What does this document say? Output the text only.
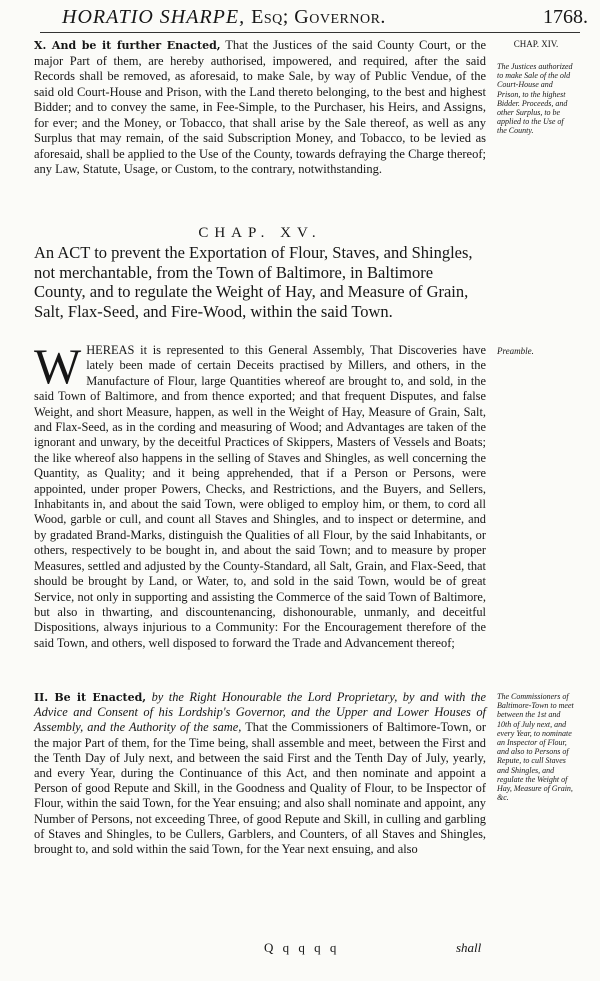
HORATIO SHARPE, Esq; Governor.	1768.
X. And be it further Enacted, That the Justices of the said County Court, or the major Part of them, are hereby authorised, impowered, and required, after the said Records shall be removed, as aforesaid, to make Sale, by way of Public Vendue, of the said old Court-House and Prison, with the Land thereto belonging, to the best and highest Bidder; and to convey the same, in Fee-Simple, to the Purchaser, his Heirs, and Assigns, for ever; and the Money, or Tobacco, that shall arise by the Sale thereof, as well as any Surplus that may remain, of the said Subscription Money, and Tobacco, to be levied as aforesaid, shall be applied to the Use of the County, towards defraying the Charge thereof; any Law, Statute, Usage, or Custom, to the contrary, notwithstanding.
CHAP. XIV.
The Justices authorized to make Sale of the old Court-House and Prison, to the highest Bidder. Proceeds, and other Surplus, to be applied to the Use of the County.
CHAP. XV.
An ACT to prevent the Exportation of Flour, Staves, and Shingles, not merchantable, from the Town of Baltimore, in Baltimore County, and to regulate the Weight of Hay, and Measure of Grain, Salt, Flax-Seed, and Fire-Wood, within the said Town.
W HEREAS it is represented to this General Assembly, That Discoveries have lately been made of certain Deceits practised by Millers, and others, in the Manufacture of Flour, large Quantities whereof are brought to, and sold, in the said Town of Baltimore, and from thence exported; and that frequent Disputes, and false Weight, and short Measure, happen, as well in the Weight of Hay, Measure of Grain, Salt, and Flax-Seed, as in the cording and measuring of Wood; and Advantages are taken of the ignorant and unwary, by the deceitful Practices of Skippers, Masters of Vessels and Boats; the like whereof also happens in the selling of Staves and Shingles, as well concerning the Quantity, as Quality; and it being apprehended, that if a Person or Persons, were appointed, under proper Powers, Checks, and Restrictions, and the Buyers, and Sellers, Inhabitants in, and about the said Town, were obliged to employ him, or them, to cord all Wood, garble or cull, and count all Staves and Shingles, and to inspect or determine, and by gradated Brand-Marks, distinguish the Qualities of all Flour, by the said Inhabitants, or others, respectively to be bought in, and about the said Town; and to measure by proper Measures, settled and adjusted by the County-Standard, all Salt, Grain, and Flax-Seed, that should be brought by Land, or Water, to, and sold in the said Town, would be of great Service, not only in supporting and assisting the Commerce of the said Town of Baltimore, but also in thwarting, and discountenancing, dishonourable, unmanly, and deceitful Dispositions, always injurious to a Community: For the Encouragement therefore of the said Town, and others, well disposed to forward the Trade and Advancement thereof;
Preamble.
II. Be it Enacted, by the Right Honourable the Lord Proprietary, by and with the Advice and Consent of his Lordship's Governor, and the Upper and Lower Houses of Assembly, and the Authority of the same, That the Commissioners of Baltimore-Town, or the major Part of them, for the Time being, shall assemble and meet, between the First and the Tenth Day of July next, and between the said First and the Tenth Day of July, yearly, and every Year, during the Continuance of this Act, and then nominate and appoint a Person of good Repute and Skill, in the Goodness and Quality of Flour, to be Inspector of Flour, within the said Town, for the Year ensuing; and also shall nominate and appoint, any Number of Persons, not exceeding Three, of good Repute and Skill, in culling and garbling of Staves and Shingles, to be Cullers, Garblers, and Counters, of all Staves and Shingles, brought to, and sold within the said Town, for the Year next ensuing, and also
The Commissioners of Baltimore-Town to meet between the 1st and 10th of July next, and every Year, to nominate an Inspector of Flour, and also to Persons of Repute, to cull Staves and Shingles, and regulate the Weight of Hay, Measure of Grain, &c.
Q q q q q	shall
